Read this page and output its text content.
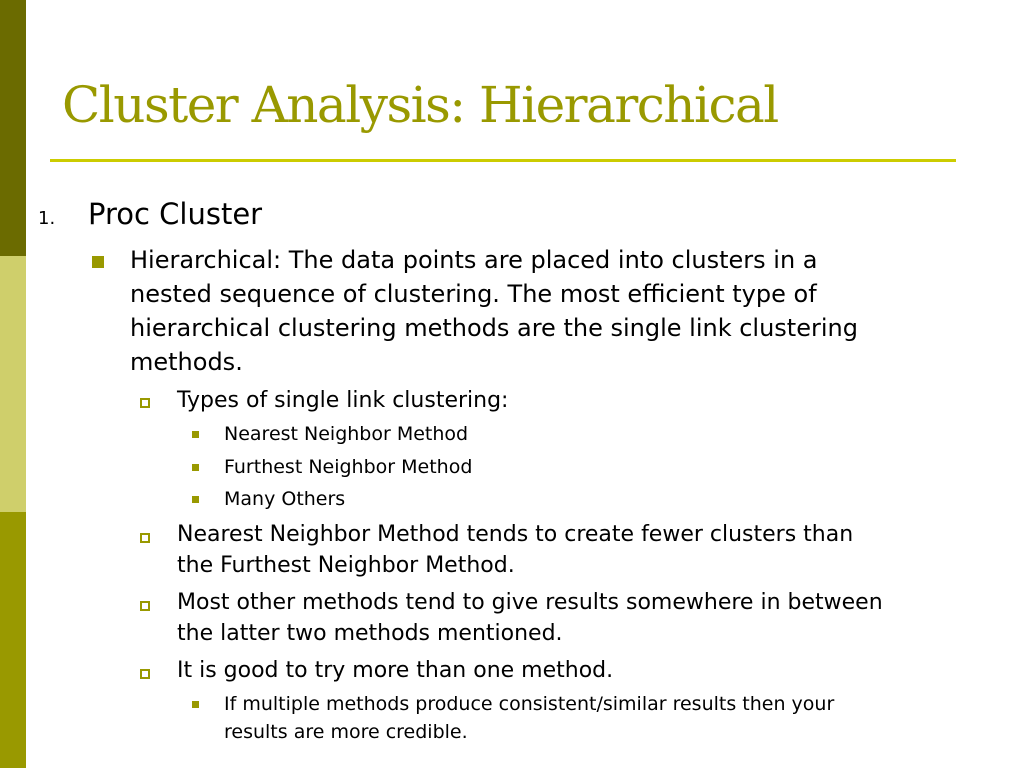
Cluster Analysis: Hierarchical
1. Proc Cluster
Hierarchical: The data points are placed into clusters in a
nested sequence of clustering. The most efficient type of
hierarchical clustering methods are the single link clustering
methods.
Types of single link clustering:
Nearest Neighbor Method
Furthest Neighbor Method
Many Others
Nearest Neighbor Method tends to create fewer clusters than
the Furthest Neighbor Method.
Most other methods tend to give results somewhere in between
the latter two methods mentioned.
It is good to try more than one method.
If multiple methods produce consistent/similar results then your
results are more credible.
